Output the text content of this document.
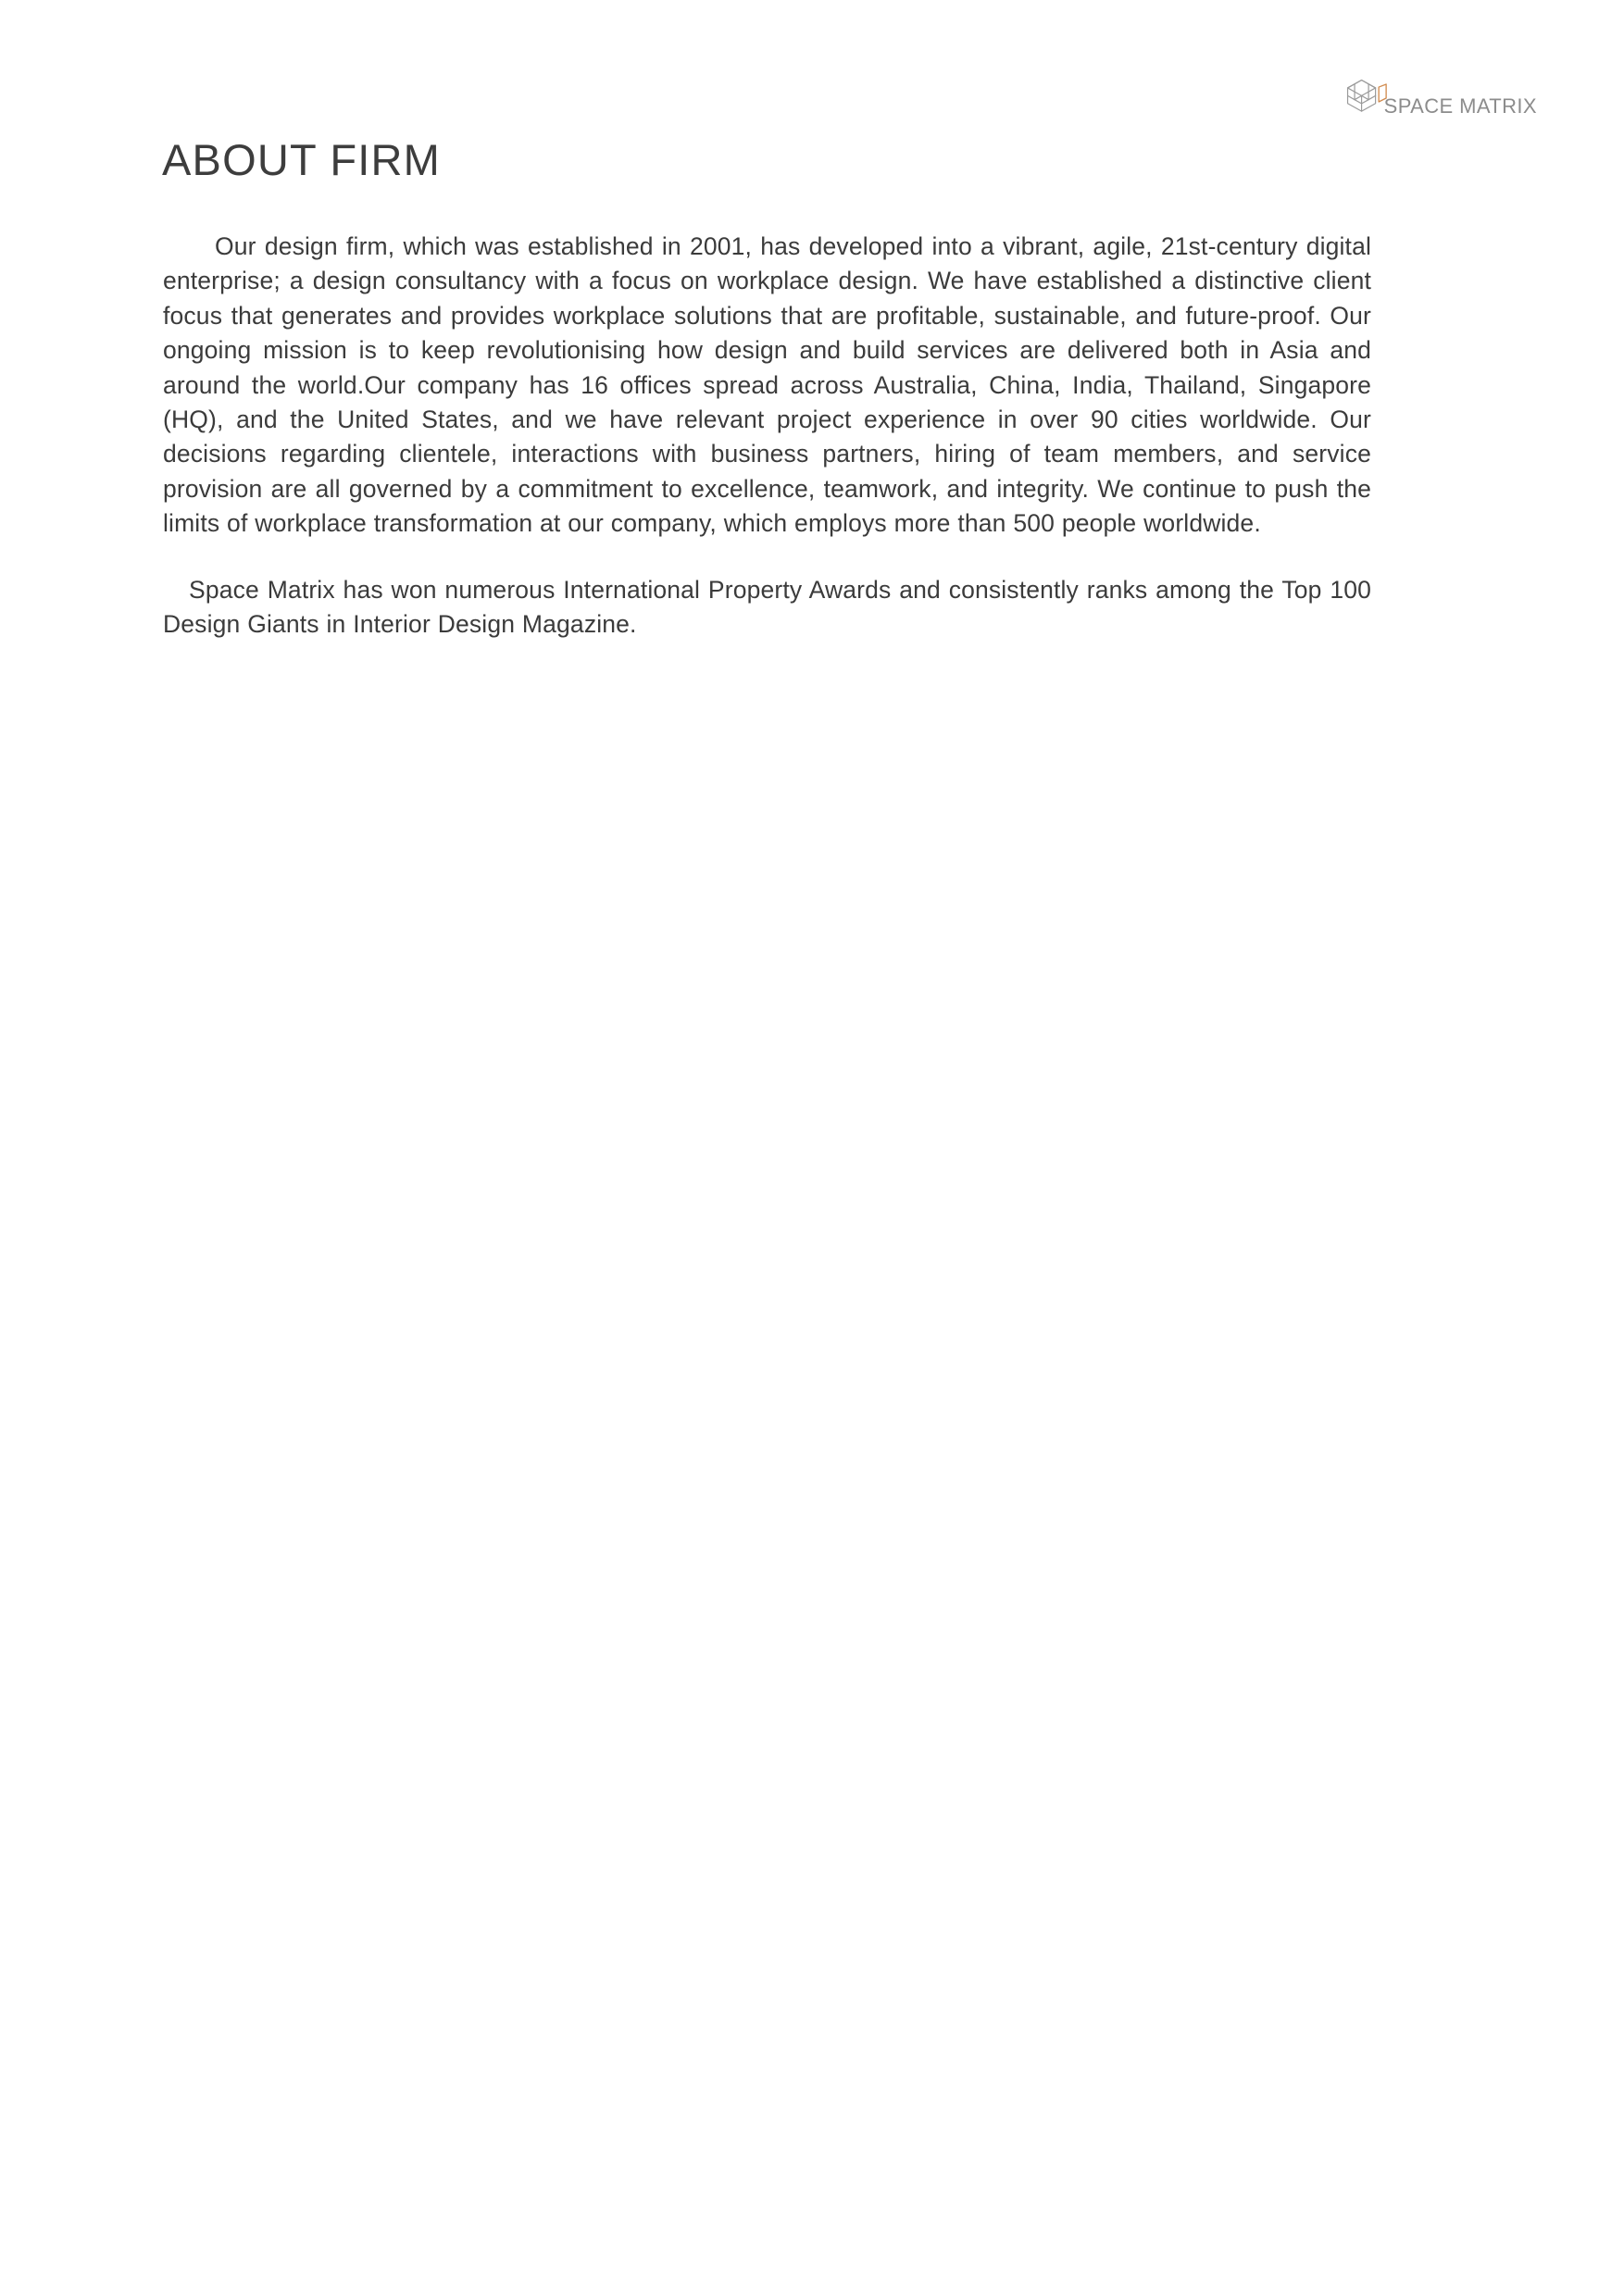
ABOUT FIRM
SPACE MATRIX

Our design firm, which was established in 2001, has developed into a vibrant, agile, 21st-century digital enterprise; a design consultancy with a focus on workplace design. We have established a distinctive client focus that generates and provides workplace solutions that are profitable, sustainable, and future-proof. Our ongoing mission is to keep revolutionising how design and build services are delivered both in Asia and around the world.Our company has 16 offices spread across Australia, China, India, Thailand, Singapore (HQ), and the United States, and we have relevant project experience in over 90 cities worldwide. Our decisions regarding clientele, interactions with business partners, hiring of team members, and service provision are all governed by a commitment to excellence, teamwork, and integrity. We continue to push the limits of workplace transformation at our company, which employs more than 500 people worldwide.

Space Matrix has won numerous International Property Awards and consistently ranks among the Top 100 Design Giants in Interior Design Magazine.
